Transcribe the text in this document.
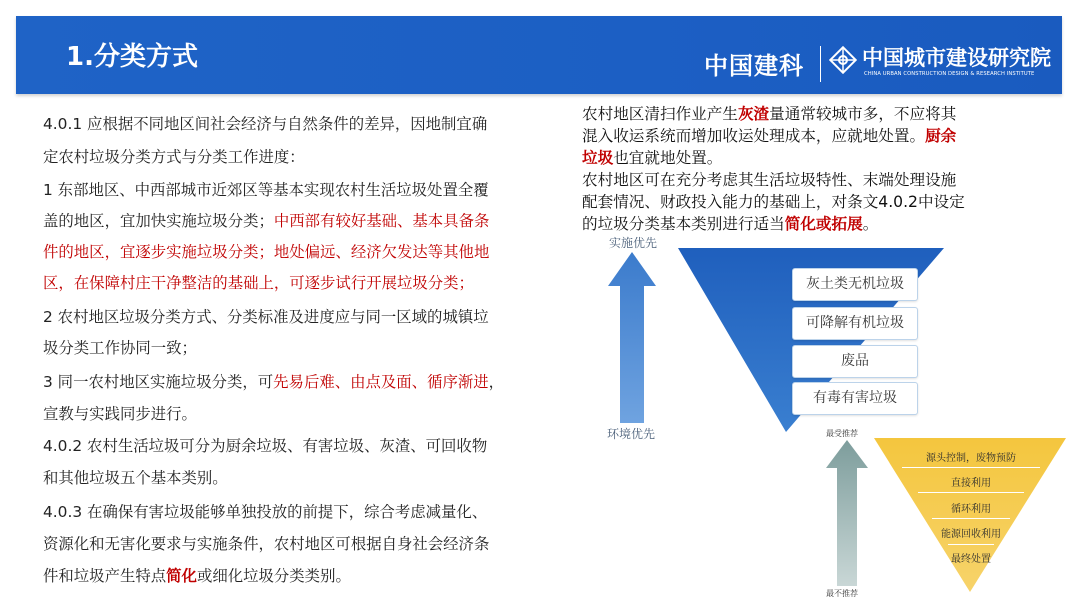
1.分类方式	中国建科	中国城市建设研究院
CHINA URBAN CONSTRUCTION DESIGN & RESEARCH INSTITUTE
4.0.1 应根据不同地区间社会经济与自然条件的差异，因地制宜确
定农村垃圾分类方式与分类工作进度：
1 东部地区、中西部城市近郊区等基本实现农村生活垃圾处置全覆
盖的地区，宜加快实施垃圾分类；中西部有较好基础、基本具备条
件的地区，宜逐步实施垃圾分类；地处偏远、经济欠发达等其他地
区，在保障村庄干净整洁的基础上，可逐步试行开展垃圾分类；
2 农村地区垃圾分类方式、分类标准及进度应与同一区域的城镇垃
圾分类工作协同一致；
3 同一农村地区实施垃圾分类，可先易后难、由点及面、循序渐进，
宣教与实践同步进行。
4.0.2 农村生活垃圾可分为厨余垃圾、有害垃圾、灰渣、可回收物
和其他垃圾五个基本类别。
4.0.3 在确保有害垃圾能够单独投放的前提下，综合考虑减量化、
资源化和无害化要求与实施条件，农村地区可根据自身社会经济条
件和垃圾产生特点简化或细化垃圾分类类别。
农村地区清扫作业产生灰渣量通常较城市多，不应将其
混入收运系统而增加收运处理成本，应就地处置。厨余
垃圾也宜就地处置。
农村地区可在充分考虑其生活垃圾特性、末端处理设施
配套情况、财政投入能力的基础上，对条文4.0.2中设定
的垃圾分类基本类别进行适当简化或拓展。
实施优先
环境优先
灰土类无机垃圾
可降解有机垃圾
废品
有毒有害垃圾
最受推荐
最不推荐
源头控制，废物预防
直接利用
循环利用
能源回收利用
最终处置
